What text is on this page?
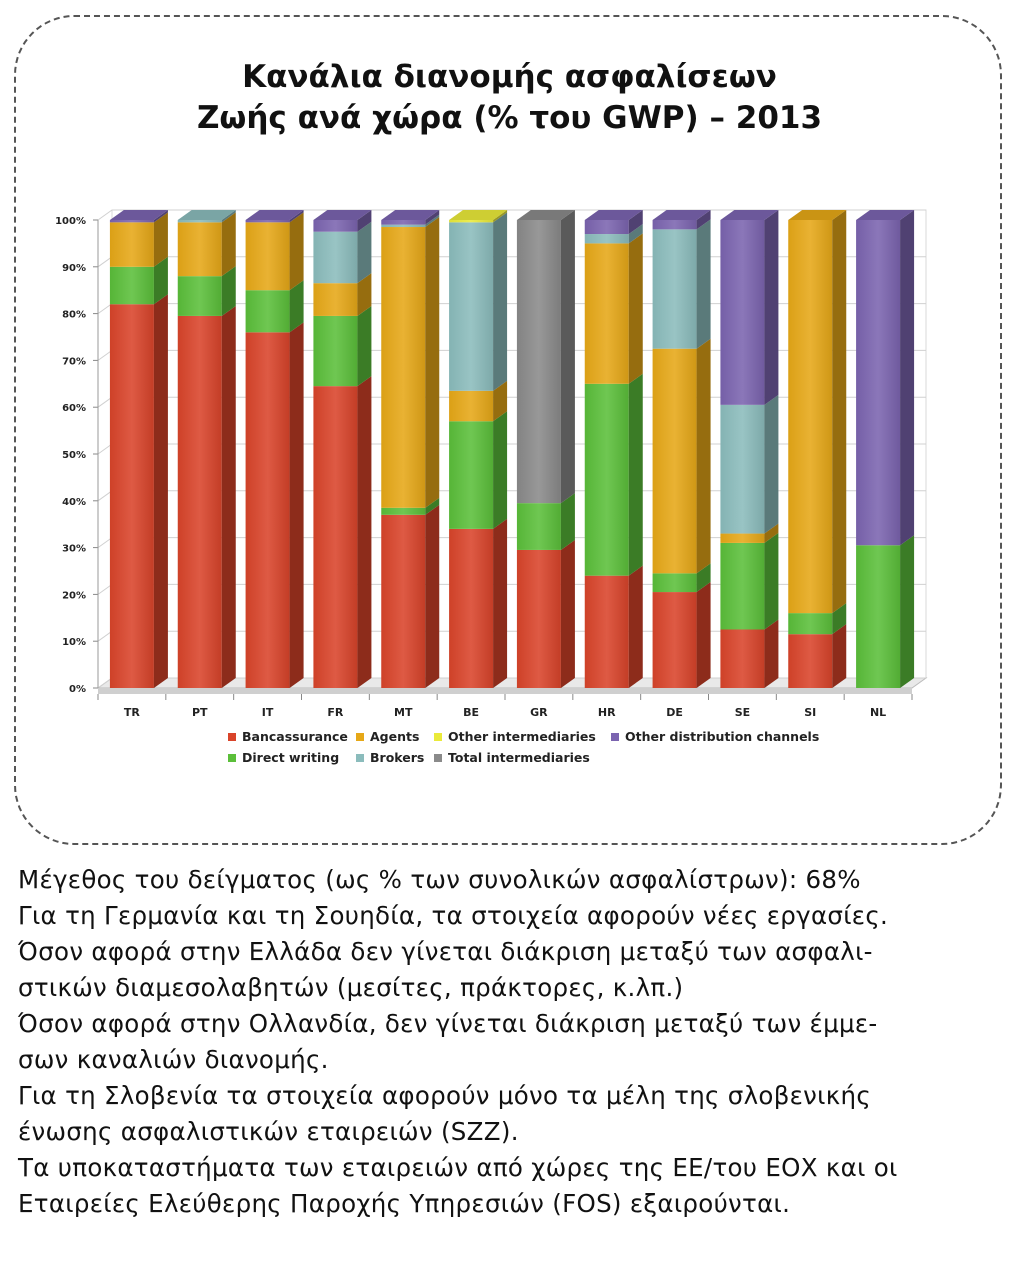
Κανάλια διανομής ασφαλίσεων
Ζωής ανά χώρα (% του GWP) – 2013
0%
10%
20%
30%
40%
50%
60%
70%
80%
90%
100%
TR	PT	IT	FR	MT	BE	GR	HR	DE	SE	SI	NL
Bancassurance Agents Other intermediaries Other distribution channels
Direct writing Brokers Total intermediaries
Μέγεθος του δείγματος (ως % των συνολικών ασφαλίστρων): 68%
Για τη Γερμανία και τη Σουηδία, τα στοιχεία αφορούν νέες εργασίες.
Όσον αφορά στην Ελλάδα δεν γίνεται διάκριση μεταξύ των ασφαλι-
στικών διαμεσολαβητών (μεσίτες, πράκτορες, κ.λπ.)
Όσον αφορά στην Ολλανδία, δεν γίνεται διάκριση μεταξύ των έμμε-
σων καναλιών διανομής.
Για τη Σλοβενία τα στοιχεία αφορούν μόνο τα μέλη της σλοβενικής
ένωσης ασφαλιστικών εταιρειών (SZZ).
Τα υποκαταστήματα των εταιρειών από χώρες της ΕΕ/του ΕΟΧ και οι
Εταιρείες Ελεύθερης Παροχής Υπηρεσιών (FOS) εξαιρούνται.
